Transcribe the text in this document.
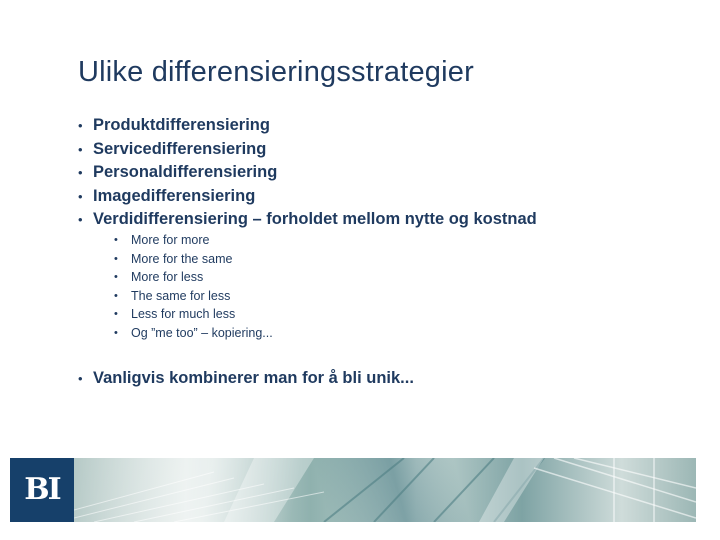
Ulike differensieringsstrategier
• Produktdifferensiering
• Servicedifferensiering
• Personaldifferensiering
• Imagedifferensiering
• Verdidifferensiering – forholdet mellom nytte og kostnad
• More for more
• More for the same
• More for less
• The same for less
• Less for much less
• Og ”me too” – kopiering...
• Vanligvis kombinerer man for å bli unik...
BI
